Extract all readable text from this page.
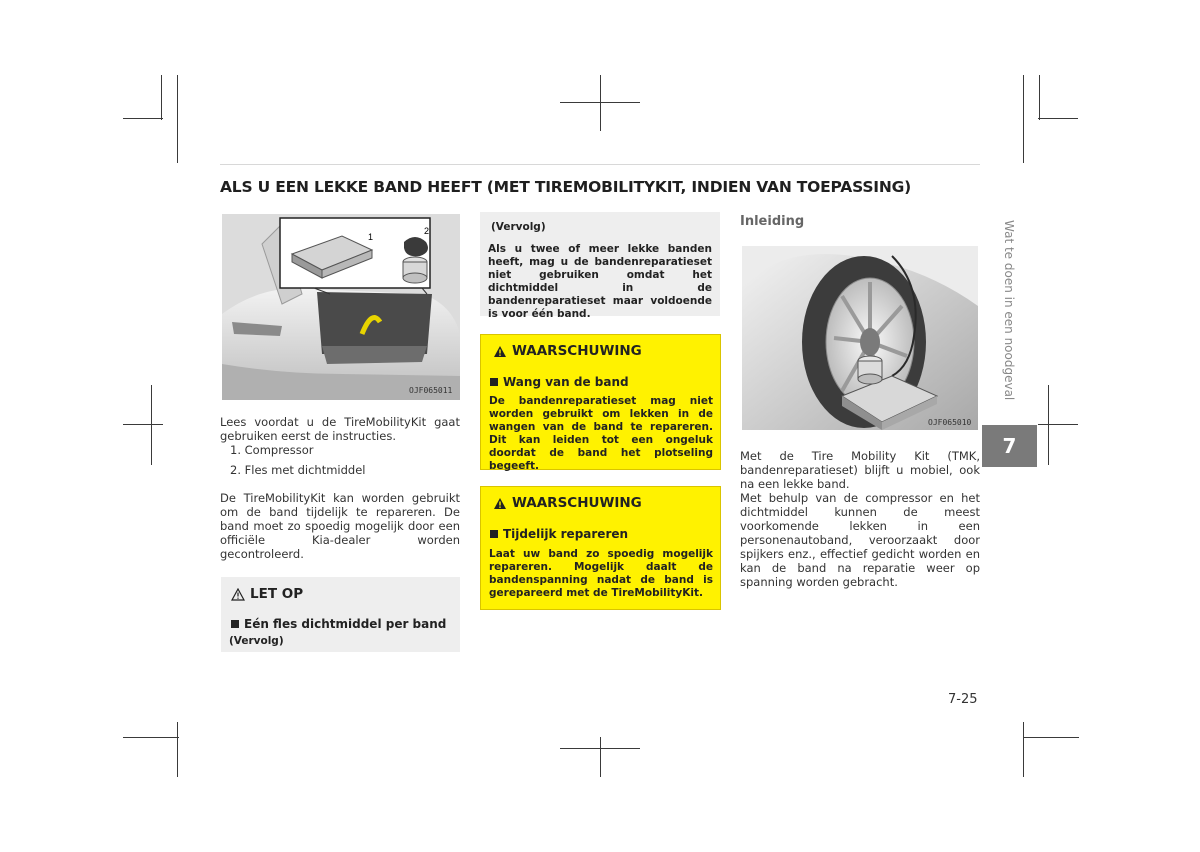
ALS U EEN LEKKE BAND HEEFT (MET TIREMOBILITYKIT, INDIEN VAN TOEPASSING)
1
2
OJF065011

Lees voordat u de TireMobilityKit gaat gebruiken eerst de instructies.

1. Compressor

2. Fles met dichtmiddel

De TireMobilityKit kan worden gebruikt om de band tijdelijk te repareren. De band moet zo spoedig mogelijk door een officiële Kia-dealer worden gecontroleerd.

LET OP
Eén fles dichtmiddel per band
(Vervolg)
(Vervolg)
Als u twee of meer lekke banden heeft, mag u de bandenreparatieset niet gebruiken omdat het dichtmiddel in de bandenreparatieset maar voldoende is voor één band.
WAARSCHUWING
Wang van de band
De bandenreparatieset mag niet worden gebruikt om lekken in de wangen van de band te repareren. Dit kan leiden tot een ongeluk doordat de band het plotseling begeeft.
WAARSCHUWING
Tijdelijk repareren
Laat uw band zo spoedig mogelijk repareren. Mogelijk daalt de bandenspanning nadat de band is gerepareerd met de TireMobilityKit.
Inleiding
OJF065010

Met de Tire Mobility Kit (TMK, bandenreparatieset) blijft u mobiel, ook na een lekke band.

Met behulp van de compressor en het dichtmiddel kunnen de meest voorkomende lekken in een personenautoband, veroorzaakt door spijkers enz., effectief gedicht worden en kan de band na reparatie weer op spanning worden gebracht.

Wat te doen in een noodgeval
7
7-25
